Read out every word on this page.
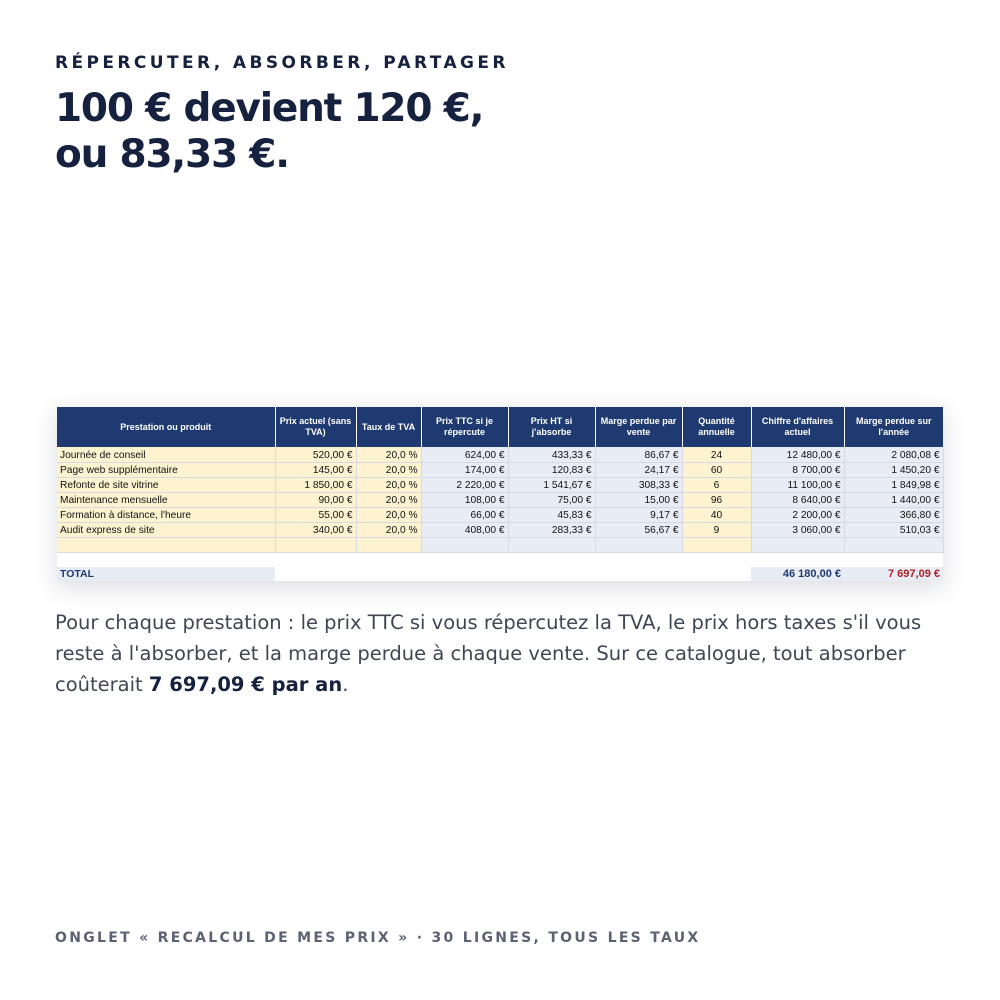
RÉPERCUTER, ABSORBER, PARTAGER
100 € devient 120 €,
ou 83,33 €.
Prestation ou produit	Prix actuel (sans TVA)	Taux de TVA	Prix TTC si je répercute	Prix HT si j'absorbe	Marge perdue par vente	Quantité annuelle	Chiffre d'affaires actuel	Marge perdue sur l'année
Journée de conseil	520,00 €	20,0 %	624,00 €	433,33 €	86,67 €	24	12 480,00 €	2 080,08 €
Page web supplémentaire	145,00 €	20,0 %	174,00 €	120,83 €	24,17 €	60	8 700,00 €	1 450,20 €
Refonte de site vitrine	1 850,00 €	20,0 %	2 220,00 €	1 541,67 €	308,33 €	6	11 100,00 €	1 849,98 €
Maintenance mensuelle	90,00 €	20,0 %	108,00 €	75,00 €	15,00 €	96	8 640,00 €	1 440,00 €
Formation à distance, l'heure	55,00 €	20,0 %	66,00 €	45,83 €	9,17 €	40	2 200,00 €	366,80 €
Audit express de site	340,00 €	20,0 %	408,00 €	283,33 €	56,67 €	9	3 060,00 €	510,03 €

TOTAL							46 180,00 €	7 697,09 €

Pour chaque prestation : le prix TTC si vous répercutez la TVA, le prix hors taxes s'il vous reste à l'absorber, et la marge perdue à chaque vente. Sur ce catalogue, tout absorber coûterait 7 697,09 € par an.

ONGLET « RECALCUL DE MES PRIX » · 30 LIGNES, TOUS LES TAUX
